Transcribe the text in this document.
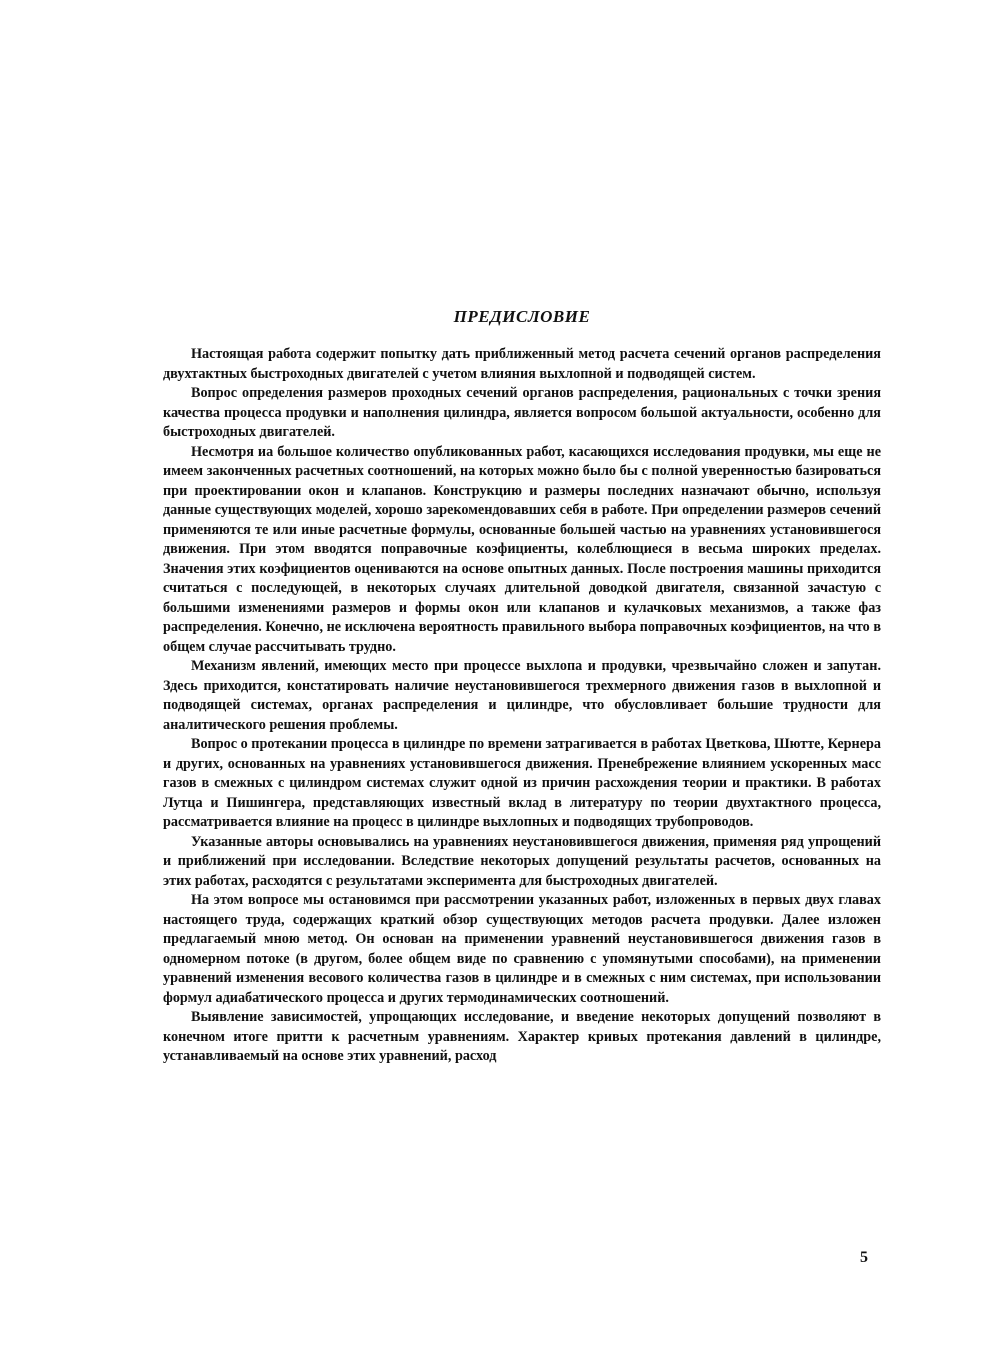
ПРЕДИСЛОВИЕ

Настоящая работа содержит попытку дать приближенный метод расчета сечений органов распределения двухтактных быстроходных двигателей с учетом влияния выхлопной и подводящей систем.

Вопрос определения размеров проходных сечений органов распределения, рациональных с точки зрения качества процесса продувки и наполнения цилиндра, является вопросом большой актуальности, особенно для быстроходных двигателей.

Несмотря иа большое количество опубликованных работ, касающихся исследования продувки, мы еще не имеем законченных расчетных соотношений, на которых можно было бы с полной уверенностью базироваться при проектировании окон и клапанов. Конструкцию и размеры последних назначают обычно, используя данные существующих моделей, хорошо зарекомендовавших себя в работе. При определении размеров сечений применяются те или иные расчетные формулы, основанные большей частью на уравнениях установившегося движения. При этом вводятся поправочные коэфициенты, колеблющиеся в весьма широких пределах. Значения этих коэфициентов оцениваются на основе опытных данных. После построения машины приходится считаться с последующей, в некоторых случаях длительной доводкой двигателя, связанной зачастую с большими изменениями размеров и формы окон или клапанов и кулачковых механизмов, а также фаз распределения. Конечно, не исключена вероятность правильного выбора поправочных коэфициентов, на что в общем случае рассчитывать трудно.

Механизм явлений, имеющих место при процессе выхлопа и продувки, чрезвычайно сложен и запутан. Здесь приходится, констатировать наличие неустановившегося трехмерного движения газов в выхлопной и подводящей системах, органах распределения и цилиндре, что обусловливает большие трудности для аналитического решения проблемы.

Вопрос о протекании процесса в цилиндре по времени затрагивается в работах Цветкова, Шютте, Кернера и других, основанных на уравнениях установившегося движения. Пренебрежение влиянием ускоренных масс газов в смежных с цилиндром системах служит одной из причин расхождения теории и практики. В работах Лутца и Пишингера, представляющих известный вклад в литературу по теории двухтактного процесса, рассматривается влияние на процесс в цилиндре выхлопных и подводящих трубопроводов.

Указанные авторы основывались на уравнениях неустановившегося движения, применяя ряд упрощений и приближений при исследовании. Вследствие некоторых допущений результаты расчетов, основанных на этих работах, расходятся с результатами эксперимента для быстроходных двигателей.

На этом вопросе мы остановимся при рассмотрении указанных работ, изложенных в первых двух главах настоящего труда, содержащих краткий обзор существующих методов расчета продувки. Далее изложен предлагаемый мною метод. Он основан на применении уравнений неустановившегося движения газов в одномерном потоке (в другом, более общем виде по сравнению с упомянутыми способами), на применении уравнений изменения весового количества газов в цилиндре и в смежных с ним системах, при использовании формул адиабатического процесса и других термодинамических соотношений.

Выявление зависимостей, упрощающих исследование, и введение некоторых допущений позволяют в конечном итоге притти к расчетным уравнениям. Характер кривых протекания давлений в цилиндре, устанавливаемый на основе этих уравнений, расход

5
